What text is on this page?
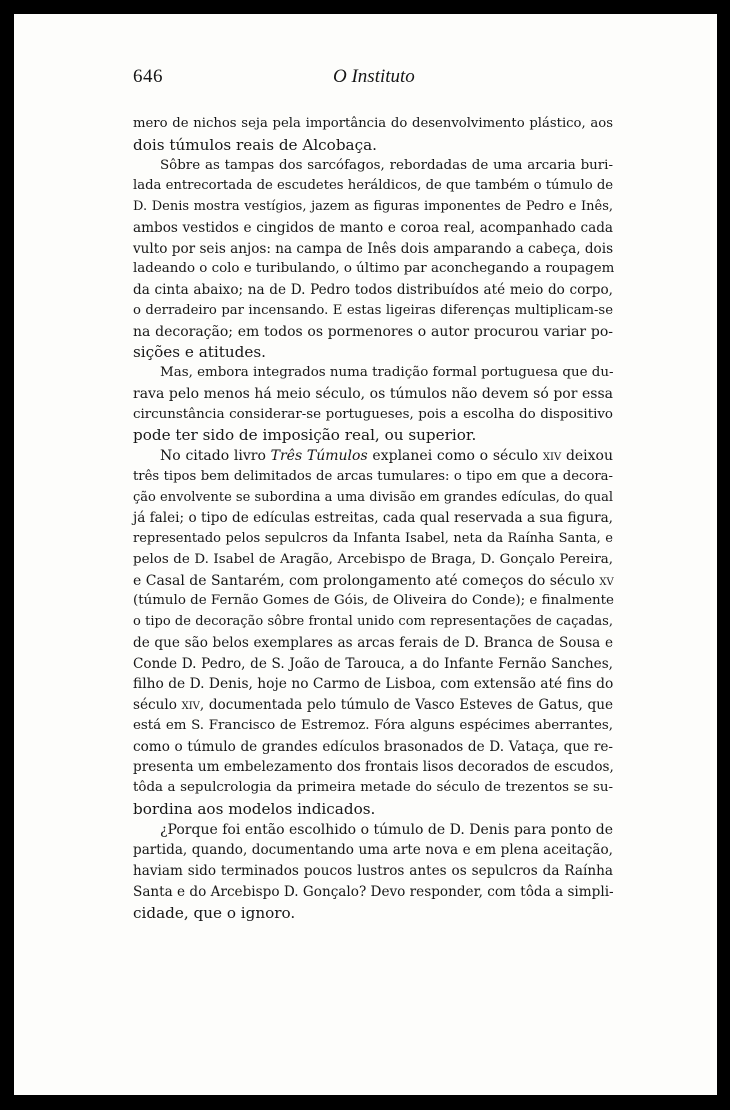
646	O Instituto
mero de nichos seja pela importância do desenvolvimento plástico, aos
dois túmulos reais de Alcobaça.
Sôbre as tampas dos sarcófagos, rebordadas de uma arcaria buri-
lada entrecortada de escudetes heráldicos, de que também o túmulo de
D. Denis mostra vestígios, jazem as figuras imponentes de Pedro e Inês,
ambos vestidos e cingidos de manto e coroa real, acompanhado cada
vulto por seis anjos: na campa de Inês dois amparando a cabeça, dois
ladeando o colo e turibulando, o último par aconchegando a roupagem
da cinta abaixo; na de D. Pedro todos distribuídos até meio do corpo,
o derradeiro par incensando. E estas ligeiras diferenças multiplicam-se
na decoração; em todos os pormenores o autor procurou variar po-
sições e atitudes.
Mas, embora integrados numa tradição formal portuguesa que du-
rava pelo menos há meio século, os túmulos não devem só por essa
circunstância considerar-se portugueses, pois a escolha do dispositivo
pode ter sido de imposição real, ou superior.
No citado livro Três Túmulos explanei como o século xiv deixou
três tipos bem delimitados de arcas tumulares: o tipo em que a decora-
ção envolvente se subordina a uma divisão em grandes edículas, do qual
já falei; o tipo de edículas estreitas, cada qual reservada a sua figura,
representado pelos sepulcros da Infanta Isabel, neta da Raínha Santa, e
pelos de D. Isabel de Aragão, Arcebispo de Braga, D. Gonçalo Pereira,
e Casal de Santarém, com prolongamento até começos do século xv
(túmulo de Fernão Gomes de Góis, de Oliveira do Conde); e finalmente
o tipo de decoração sôbre frontal unido com representações de caçadas,
de que são belos exemplares as arcas ferais de D. Branca de Sousa e
Conde D. Pedro, de S. João de Tarouca, a do Infante Fernão Sanches,
filho de D. Denis, hoje no Carmo de Lisboa, com extensão até fins do
século xiv, documentada pelo túmulo de Vasco Esteves de Gatus, que
está em S. Francisco de Estremoz. Fóra alguns espécimes aberrantes,
como o túmulo de grandes edículos brasonados de D. Vataça, que re-
presenta um embelezamento dos frontais lisos decorados de escudos,
tôda a sepulcrologia da primeira metade do século de trezentos se su-
bordina aos modelos indicados.
¿Porque foi então escolhido o túmulo de D. Denis para ponto de
partida, quando, documentando uma arte nova e em plena aceitação,
haviam sido terminados poucos lustros antes os sepulcros da Raínha
Santa e do Arcebispo D. Gonçalo? Devo responder, com tôda a simpli-
cidade, que o ignoro.
